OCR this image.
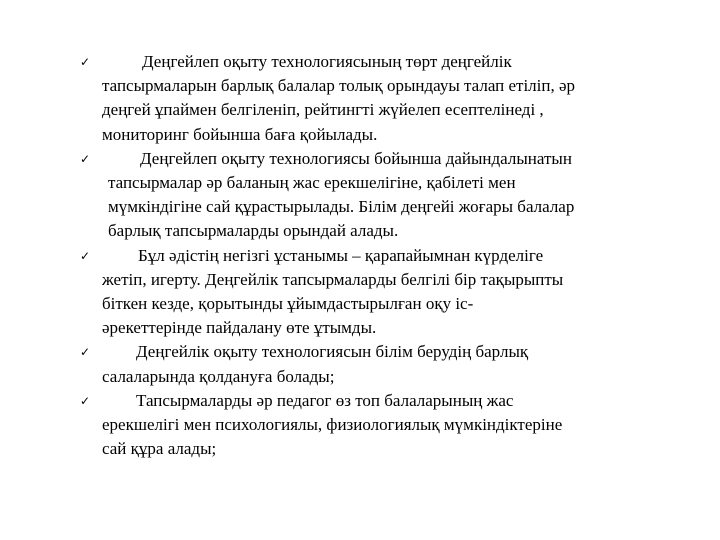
✓	Деңгейлеп оқыту технологиясының төрт деңгейлік
тапсырмаларын барлық балалар толық орындауы талап етіліп, әр
деңгей ұпаймен белгіленіп, рейтингті жүйелеп есептелінеді ,
мониторинг бойынша баға қойылады.
✓	Деңгейлеп оқыту технологиясы бойынша дайындалынатын
тапсырмалар әр баланың жас ерекшелігіне, қабілеті мен
мүмкіндігіне сай құрастырылады. Білім деңгейі жоғары балалар
барлық тапсырмаларды орындай алады.
✓	Бұл әдістің негізгі ұстанымы – қарапайымнан күрделіге
жетіп, игерту. Деңгейлік тапсырмаларды белгілі бір тақырыпты
біткен кезде, қорытынды ұйымдастырылған оқу іс-
әрекеттерінде пайдалану өте ұтымды.
✓	Деңгейлік оқыту технологиясын білім берудің барлық
салаларында қолдануға болады;
✓	Тапсырмаларды әр педагог өз топ балаларының жас
ерекшелігі мен психологиялы, физиологиялық мүмкіндіктеріне
сай құра алады;
